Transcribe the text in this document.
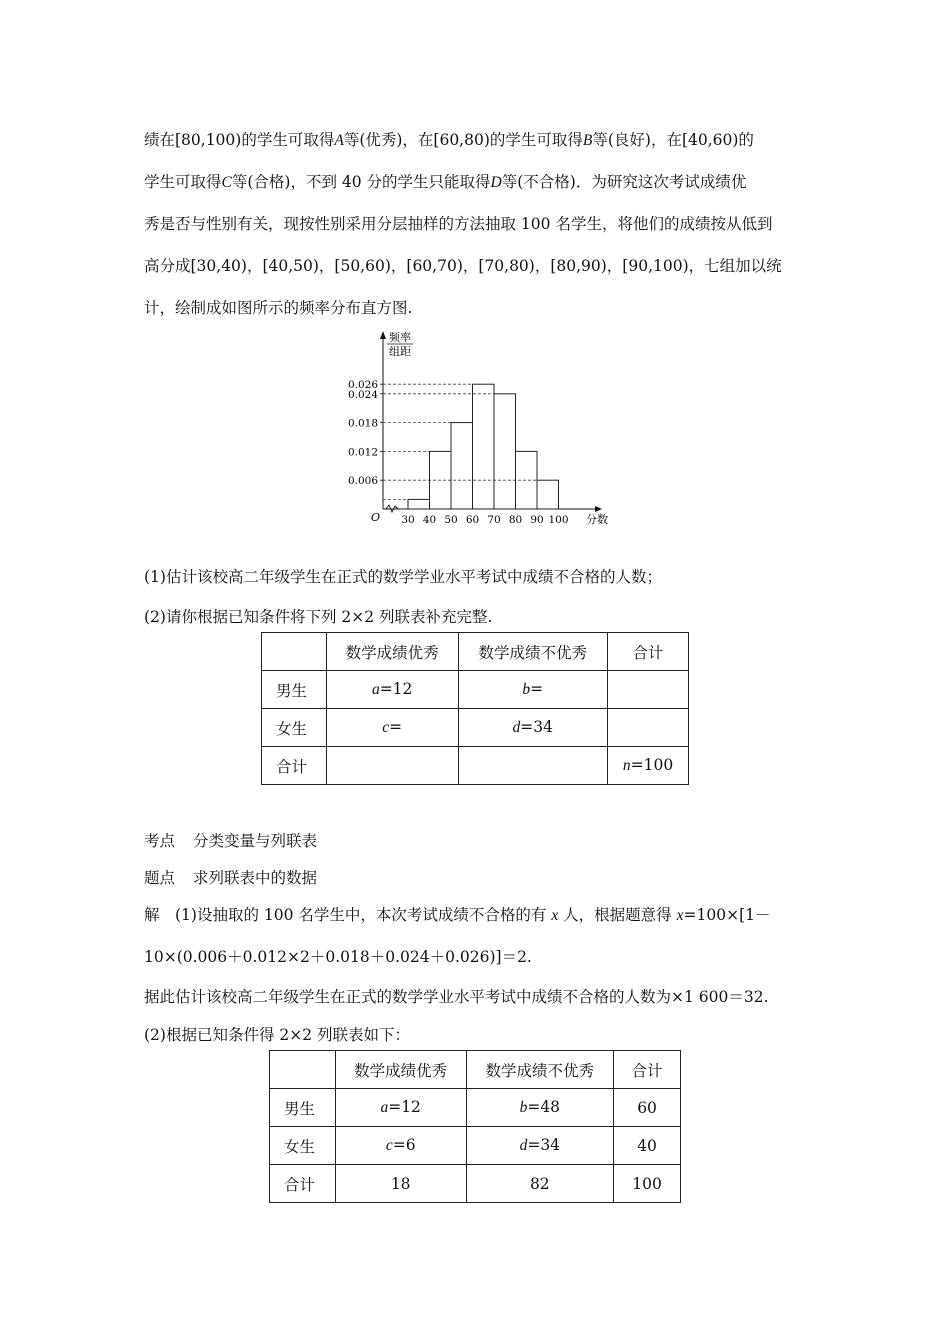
绩在[80,100)的学生可取得A等(优秀)，在[60,80)的学生可取得B等(良好)，在[40,60)的
学生可取得C等(合格)，不到 40 分的学生只能取得D等(不合格)．为研究这次考试成绩优
秀是否与性别有关，现按性别采用分层抽样的方法抽取 100 名学生，将他们的成绩按从低到
高分成[30,40)，[40,50)，[50,60)，[60,70)，[70,80)，[80,90)，[90,100)，七组加以统
计，绘制成如图所示的频率分布直方图.
频率
组距
O
0.026
0.024
0.018
0.012
0.006
30 40 50 60 70 80 90 100 分数
(1)估计该校高二年级学生在正式的数学学业水平考试中成绩不合格的人数；
(2)请你根据已知条件将下列 2×2 列联表补充完整.
	数学成绩优秀	数学成绩不优秀	合计
男生	a=12	b=	
女生	c=	d=34	
合计			n=100
考点 分类变量与列联表
题点 求列联表中的数据
解　(1)设抽取的 100 名学生中，本次考试成绩不合格的有 x 人，根据题意得 x=100×[1－
10×(0.006＋0.012×2＋0.018＋0.024＋0.026)]＝2.
据此估计该校高二年级学生在正式的数学学业水平考试中成绩不合格的人数为×1 600＝32.
(2)根据已知条件得 2×2 列联表如下：
	数学成绩优秀	数学成绩不优秀	合计
男生	a=12	b=48	60
女生	c=6	d=34	40
合计	18	82	100
